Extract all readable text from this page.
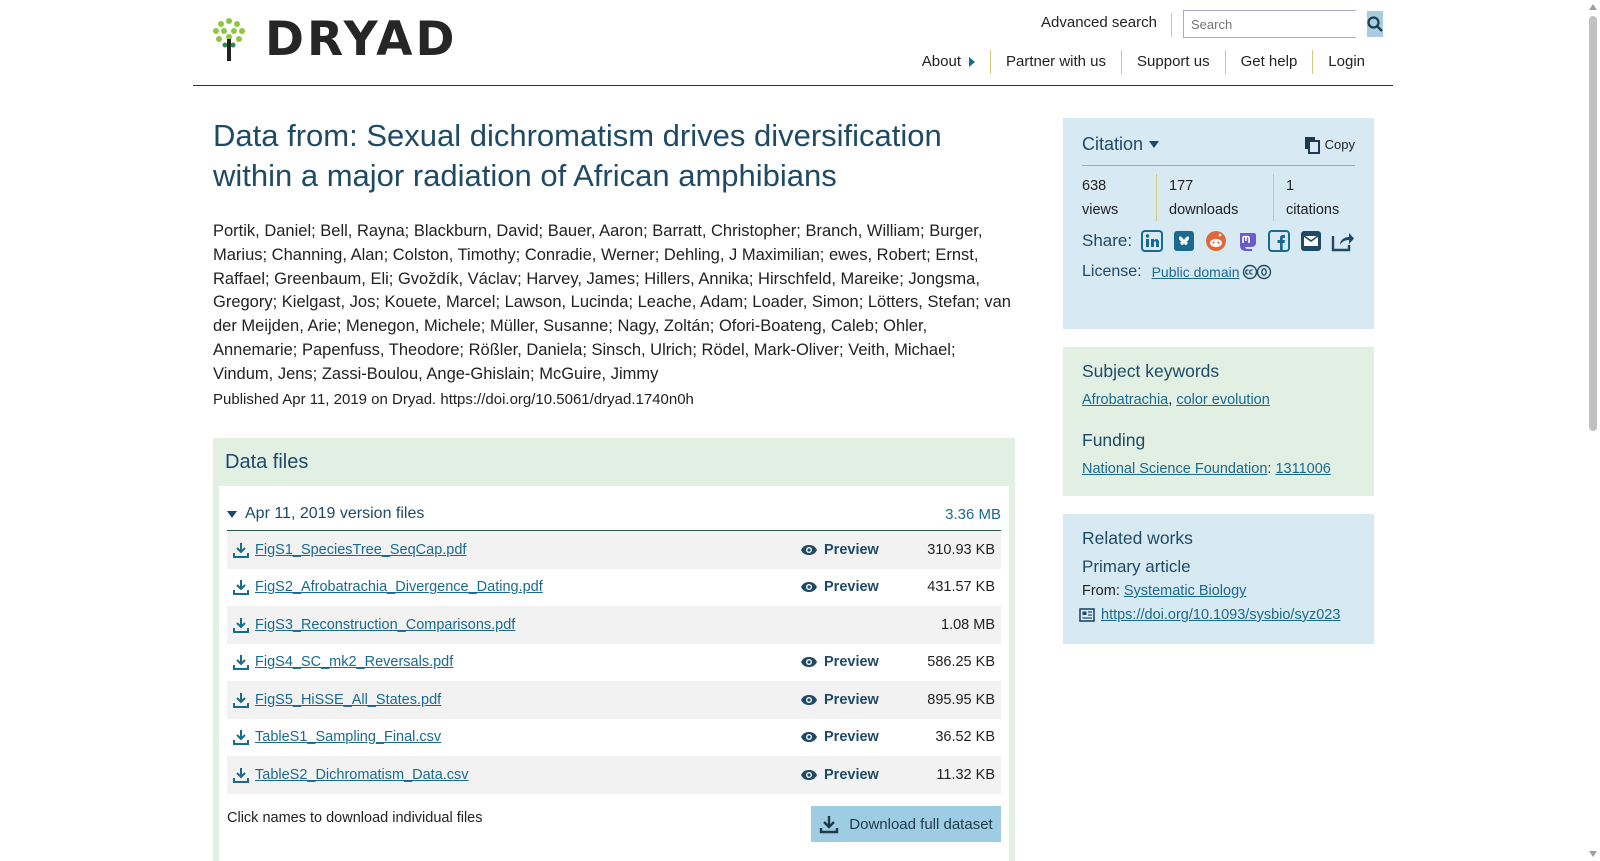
DRYAD	Advanced search
Search
About	Partner with us Support us Get help Login
Data from: Sexual dichromatism drives diversification within a major radiation of African amphibians

Portik, Daniel; Bell, Rayna; Blackburn, David; Bauer, Aaron; Barratt, Christopher; Branch, William; Burger, Marius; Channing, Alan; Colston, Timothy; Conradie, Werner; Dehling, J Maximilian; ewes, Robert; Ernst, Raffael; Greenbaum, Eli; Gvoždík, Václav; Harvey, James; Hillers, Annika; Hirschfeld, Mareike; Jongsma, Gregory; Kielgast, Jos; Kouete, Marcel; Lawson, Lucinda; Leache, Adam; Loader, Simon; Lötters, Stefan; van der Meijden, Arie; Menegon, Michele; Müller, Susanne; Nagy, Zoltán; Ofori-Boateng, Caleb; Ohler, Annemarie; Papenfuss, Theodore; Rößler, Daniela; Sinsch, Ulrich; Rödel, Mark-Oliver; Veith, Michael; Vindum, Jens; Zassi-Boulou, Ange-Ghislain; McGuire, Jimmy

Published Apr 11, 2019 on Dryad. https://doi.org/10.5061/dryad.1740n0h

Data files
Apr 11, 2019 version files	3.36 MB
FigS1_SpeciesTree_SeqCap.pdf	Preview	310.93 KB
FigS2_Afrobatrachia_Divergence_Dating.pdf	Preview	431.57 KB
FigS3_Reconstruction_Comparisons.pdf	1.08 MB
FigS4_SC_mk2_Reversals.pdf	Preview	586.25 KB
FigS5_HiSSE_All_States.pdf	Preview	895.95 KB
TableS1_Sampling_Final.csv	Preview	36.52 KB
TableS2_Dichromatism_Data.csv	Preview	11.32 KB
Click names to download individual files	Download full dataset
Citation	Copy
638
views
177
downloads
1
citations
Share:
License: Public domain
Subject keywords
Afrobatrachia, color evolution
Funding
National Science Foundation: 1311006
Related works
Primary article
From: Systematic Biology
https://doi.org/10.1093/sysbio/syz023
